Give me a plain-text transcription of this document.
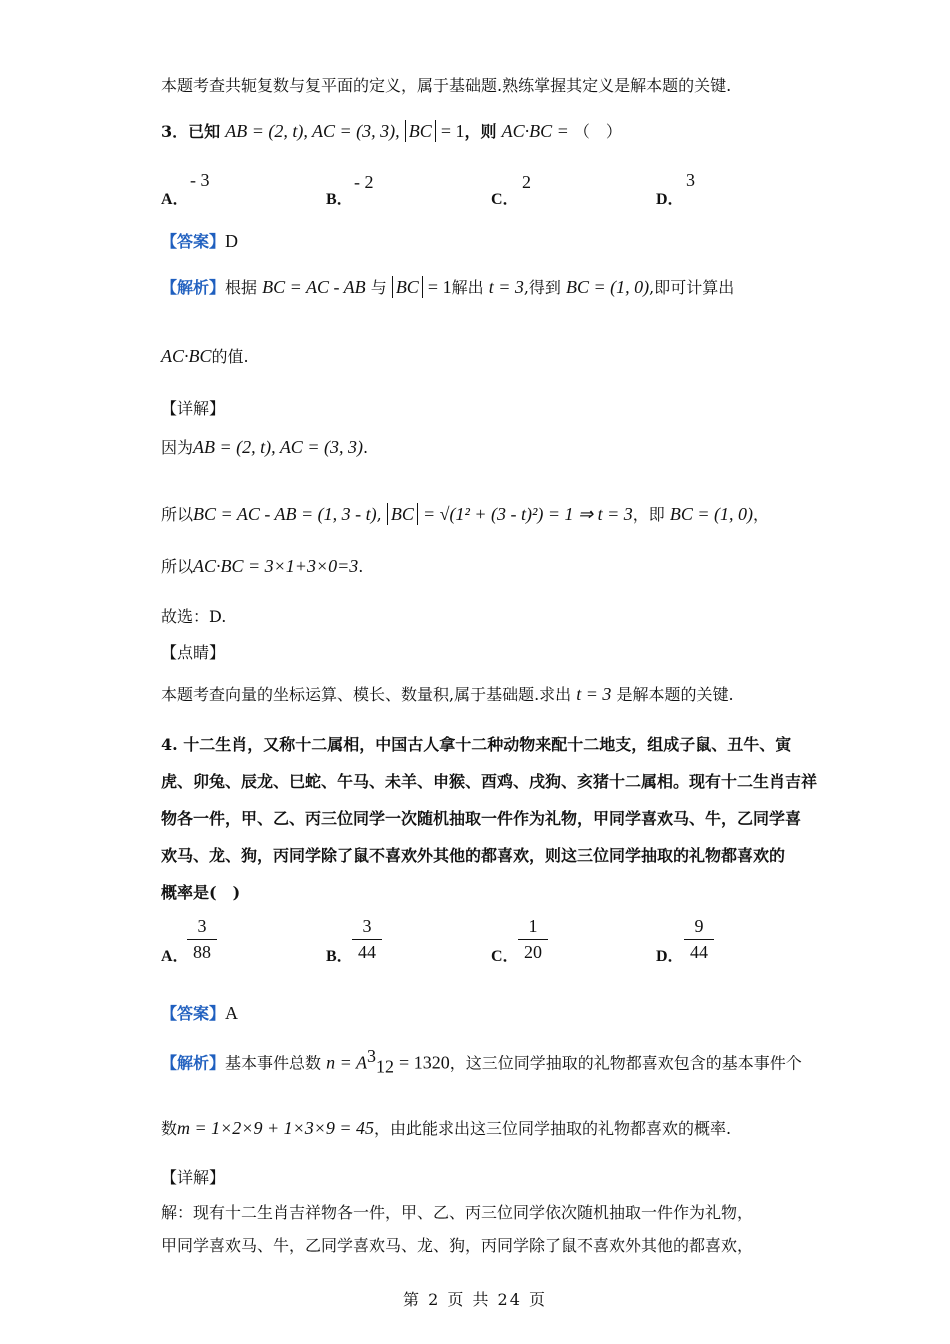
本题考查共轭复数与复平面的定义，属于基础题.熟练掌握其定义是解本题的关键.
3．已知 AB = (2, t), AC = (3, 3), BC = 1，则 AC·BC = （　）
A．
- 3
B．
- 2
C．
2
D．
3
【答案】D
【解析】根据 BC = AC - AB 与 BC = 1解出 t = 3,得到 BC = (1, 0),即可计算出
AC·BC的值.
【详解】
因为AB = (2, t), AC = (3, 3).
所以BC = AC - AB = (1, 3 - t), BC = √(1² + (3 - t)²) = 1 ⇒ t = 3，即 BC = (1, 0)，
所以AC·BC = 3×1+3×0=3.
故选：D.
【点睛】
本题考查向量的坐标运算、模长、数量积,属于基础题.求出 t = 3 是解本题的关键.
4. 十二生肖，又称十二属相，中国古人拿十二种动物来配十二地支，组成子鼠、丑牛、寅
虎、卯兔、辰龙、巳蛇、午马、未羊、申猴、酉鸡、戌狗、亥猪十二属相。现有十二生肖吉祥
物各一件，甲、乙、丙三位同学一次随机抽取一件作为礼物，甲同学喜欢马、牛，乙同学喜
欢马、龙、狗，丙同学除了鼠不喜欢外其他的都喜欢，则这三位同学抽取的礼物都喜欢的
概率是(　)
A．
$\frac{3}{88}$	B． $\frac{3}{44}$	C． $\frac{1}{20}$	D． $\frac{9}{44}$
【答案】A
【解析】基本事件总数 $n = A^3_{12} = 1320$，这三位同学抽取的礼物都喜欢包含的基本事件个
数m = 1×2×9 + 1×3×9 = 45，由此能求出这三位同学抽取的礼物都喜欢的概率.
【详解】
解：现有十二生肖吉祥物各一件，甲、乙、丙三位同学依次随机抽取一件作为礼物，
甲同学喜欢马、牛，乙同学喜欢马、龙、狗，丙同学除了鼠不喜欢外其他的都喜欢，
第 2 页 共 24 页
